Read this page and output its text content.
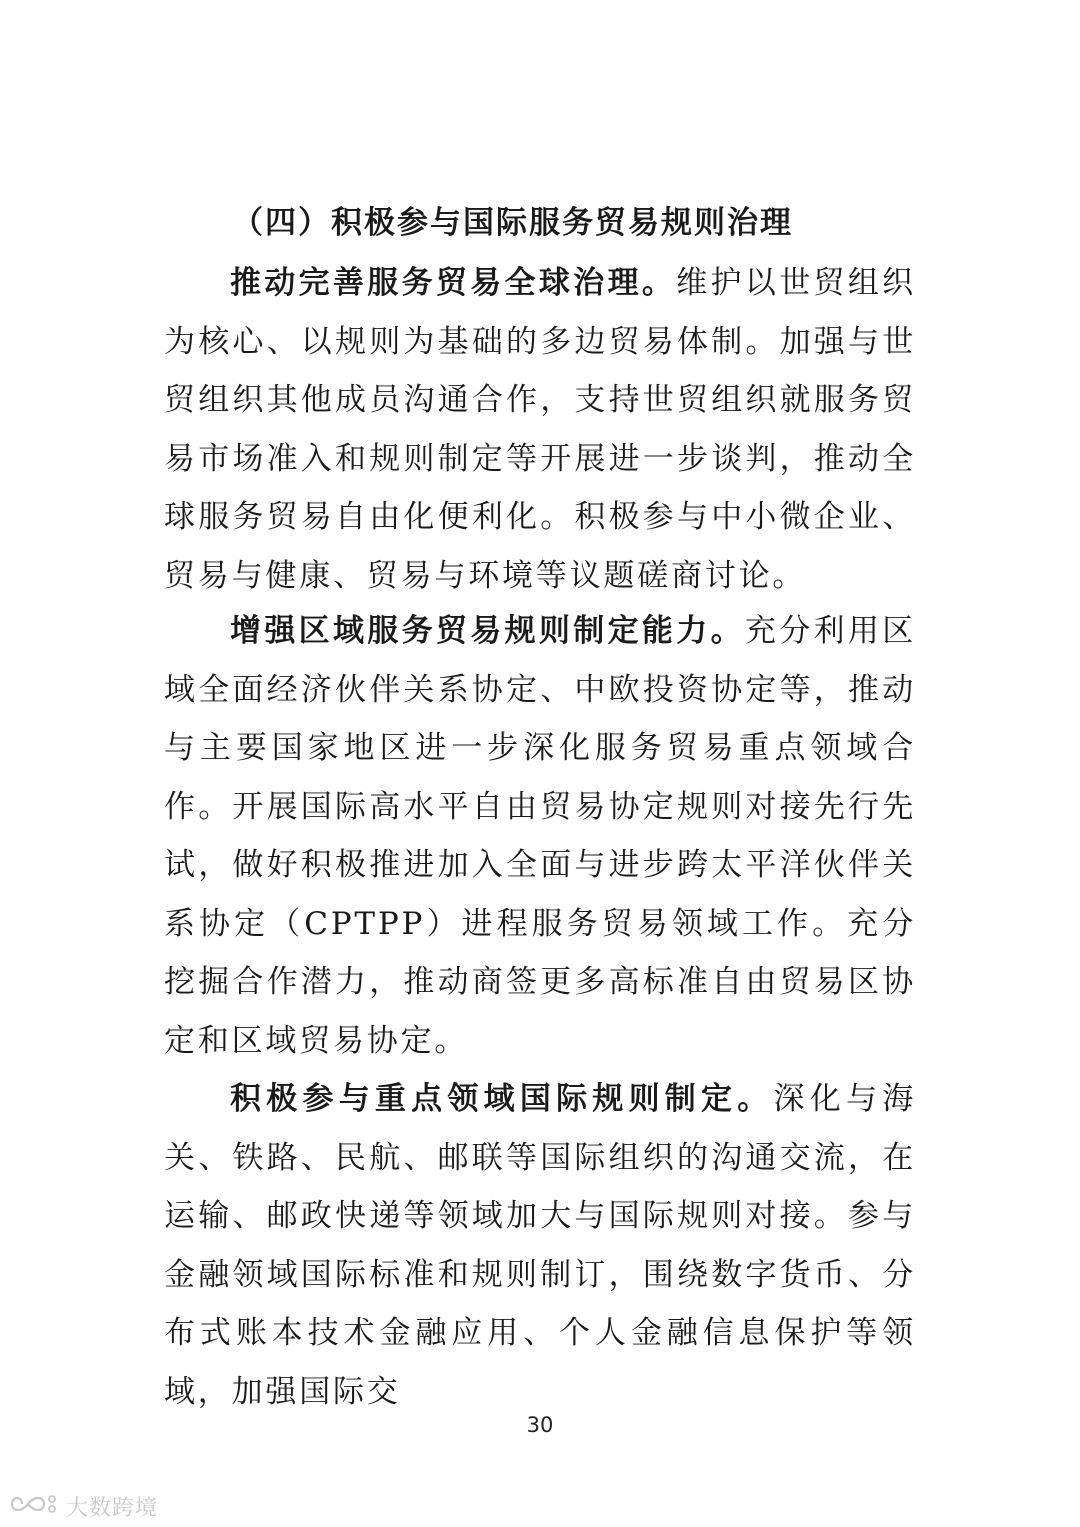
（四）积极参与国际服务贸易规则治理

推动完善服务贸易全球治理。维护以世贸组织为核心、以规则为基础的多边贸易体制。加强与世贸组织其他成员沟通合作，支持世贸组织就服务贸易市场准入和规则制定等开展进一步谈判，推动全球服务贸易自由化便利化。积极参与中小微企业、贸易与健康、贸易与环境等议题磋商讨论。

增强区域服务贸易规则制定能力。充分利用区域全面经济伙伴关系协定、中欧投资协定等，推动与主要国家地区进一步深化服务贸易重点领域合作。开展国际高水平自由贸易协定规则对接先行先试，做好积极推进加入全面与进步跨太平洋伙伴关系协定（CPTPP）进程服务贸易领域工作。充分挖掘合作潜力，推动商签更多高标准自由贸易区协定和区域贸易协定。

积极参与重点领域国际规则制定。深化与海关、铁路、民航、邮联等国际组织的沟通交流，在运输、邮政快递等领域加大与国际规则对接。参与金融领域国际标准和规则制订，围绕数字货币、分布式账本技术金融应用、个人金融信息保护等领域，加强国际交

30
大数跨境
